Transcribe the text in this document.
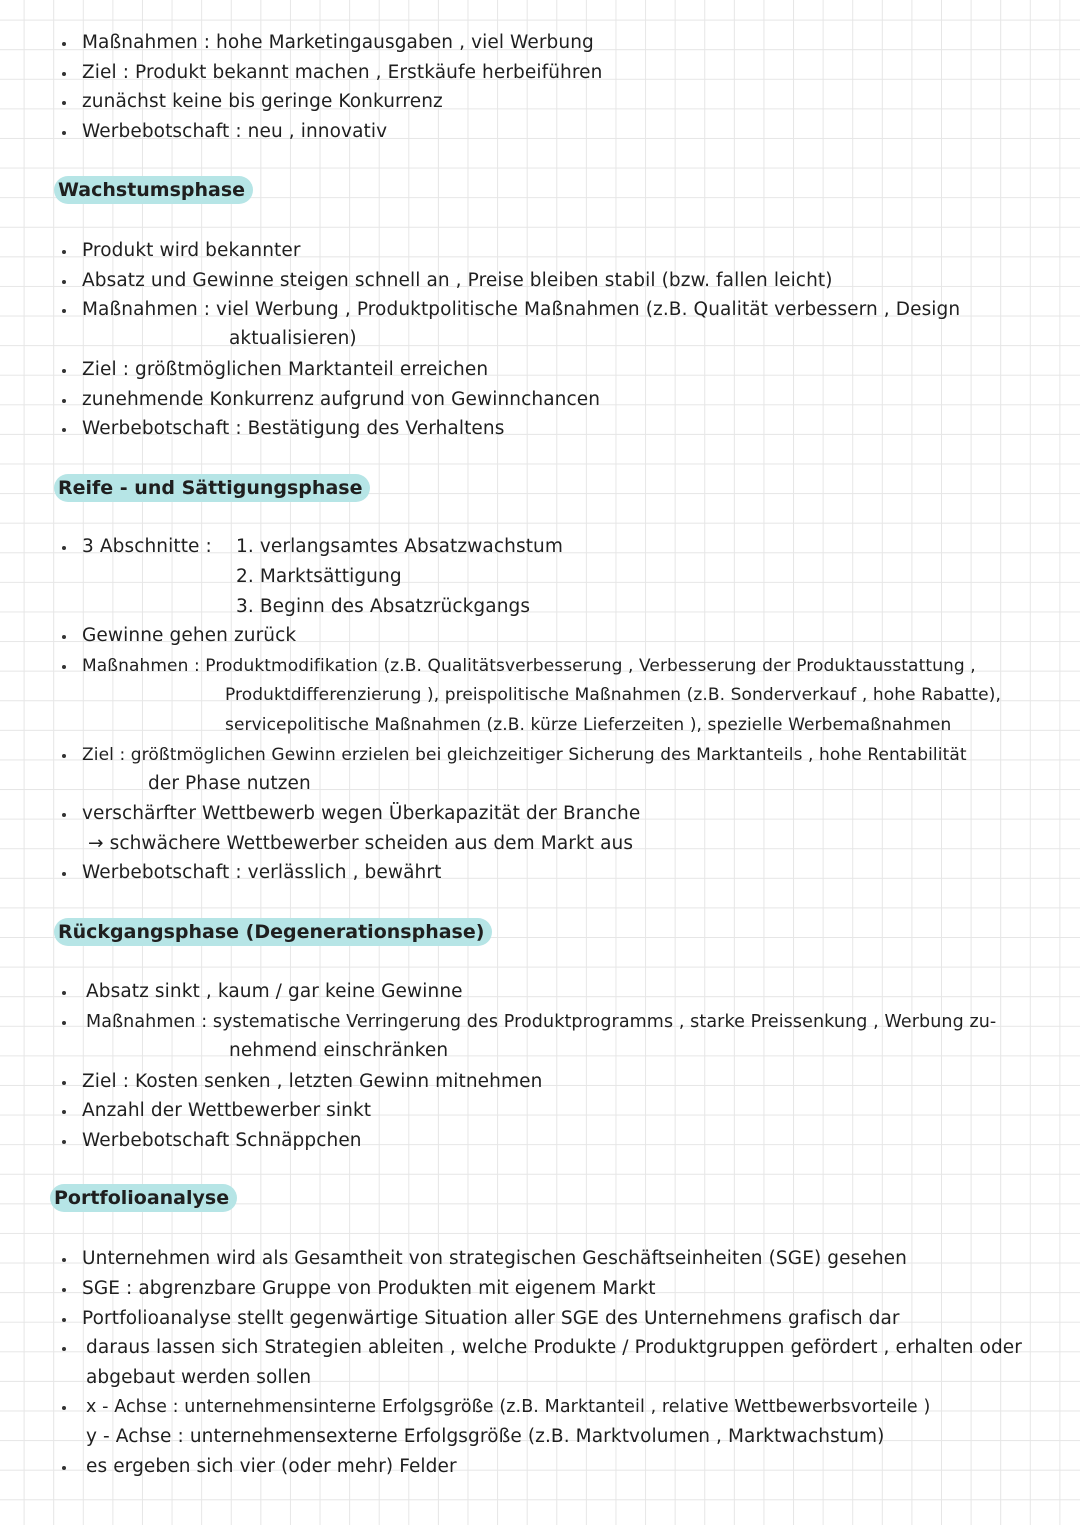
Maßnahmen : hohe Marketingausgaben , viel Werbung
Ziel : Produkt bekannt machen , Erstkäufe herbeiführen
zunächst keine bis geringe Konkurrenz
Werbebotschaft : neu , innovativ
Wachstumsphase
Produkt wird bekannter
Absatz und Gewinne steigen schnell an , Preise bleiben stabil (bzw. fallen leicht)
Maßnahmen : viel Werbung , Produktpolitische Maßnahmen (z.B. Qualität verbessern , Design
aktualisieren)
Ziel : größtmöglichen Marktanteil erreichen
zunehmende Konkurrenz aufgrund von Gewinnchancen
Werbebotschaft : Bestätigung des Verhaltens
Reife - und Sättigungsphase
3 Abschnitte : 1. verlangsamtes Absatzwachstum
2. Marktsättigung
3. Beginn des Absatzrückgangs
Gewinne gehen zurück
Maßnahmen : Produktmodifikation (z.B. Qualitätsverbesserung , Verbesserung der Produktausstattung ,
Produktdifferenzierung ), preispolitische Maßnahmen (z.B. Sonderverkauf , hohe Rabatte),
servicepolitische Maßnahmen (z.B. kürze Lieferzeiten ), spezielle Werbemaßnahmen
Ziel : größtmöglichen Gewinn erzielen bei gleichzeitiger Sicherung des Marktanteils , hohe Rentabilität
der Phase nutzen
verschärfter Wettbewerb wegen Überkapazität der Branche
→ schwächere Wettbewerber scheiden aus dem Markt aus
Werbebotschaft : verlässlich , bewährt
Rückgangsphase (Degenerationsphase)
Absatz sinkt , kaum / gar keine Gewinne
Maßnahmen : systematische Verringerung des Produktprogramms , starke Preissenkung , Werbung zu-
nehmend einschränken
Ziel : Kosten senken , letzten Gewinn mitnehmen
Anzahl der Wettbewerber sinkt
Werbebotschaft Schnäppchen
Portfolioanalyse
Unternehmen wird als Gesamtheit von strategischen Geschäftseinheiten (SGE) gesehen
SGE : abgrenzbare Gruppe von Produkten mit eigenem Markt
Portfolioanalyse stellt gegenwärtige Situation aller SGE des Unternehmens grafisch dar
daraus lassen sich Strategien ableiten , welche Produkte / Produktgruppen gefördert , erhalten oder
abgebaut werden sollen
x - Achse : unternehmensinterne Erfolgsgröße (z.B. Marktanteil , relative Wettbewerbsvorteile )
y - Achse : unternehmensexterne Erfolgsgröße (z.B. Marktvolumen , Marktwachstum)
es ergeben sich vier (oder mehr) Felder
